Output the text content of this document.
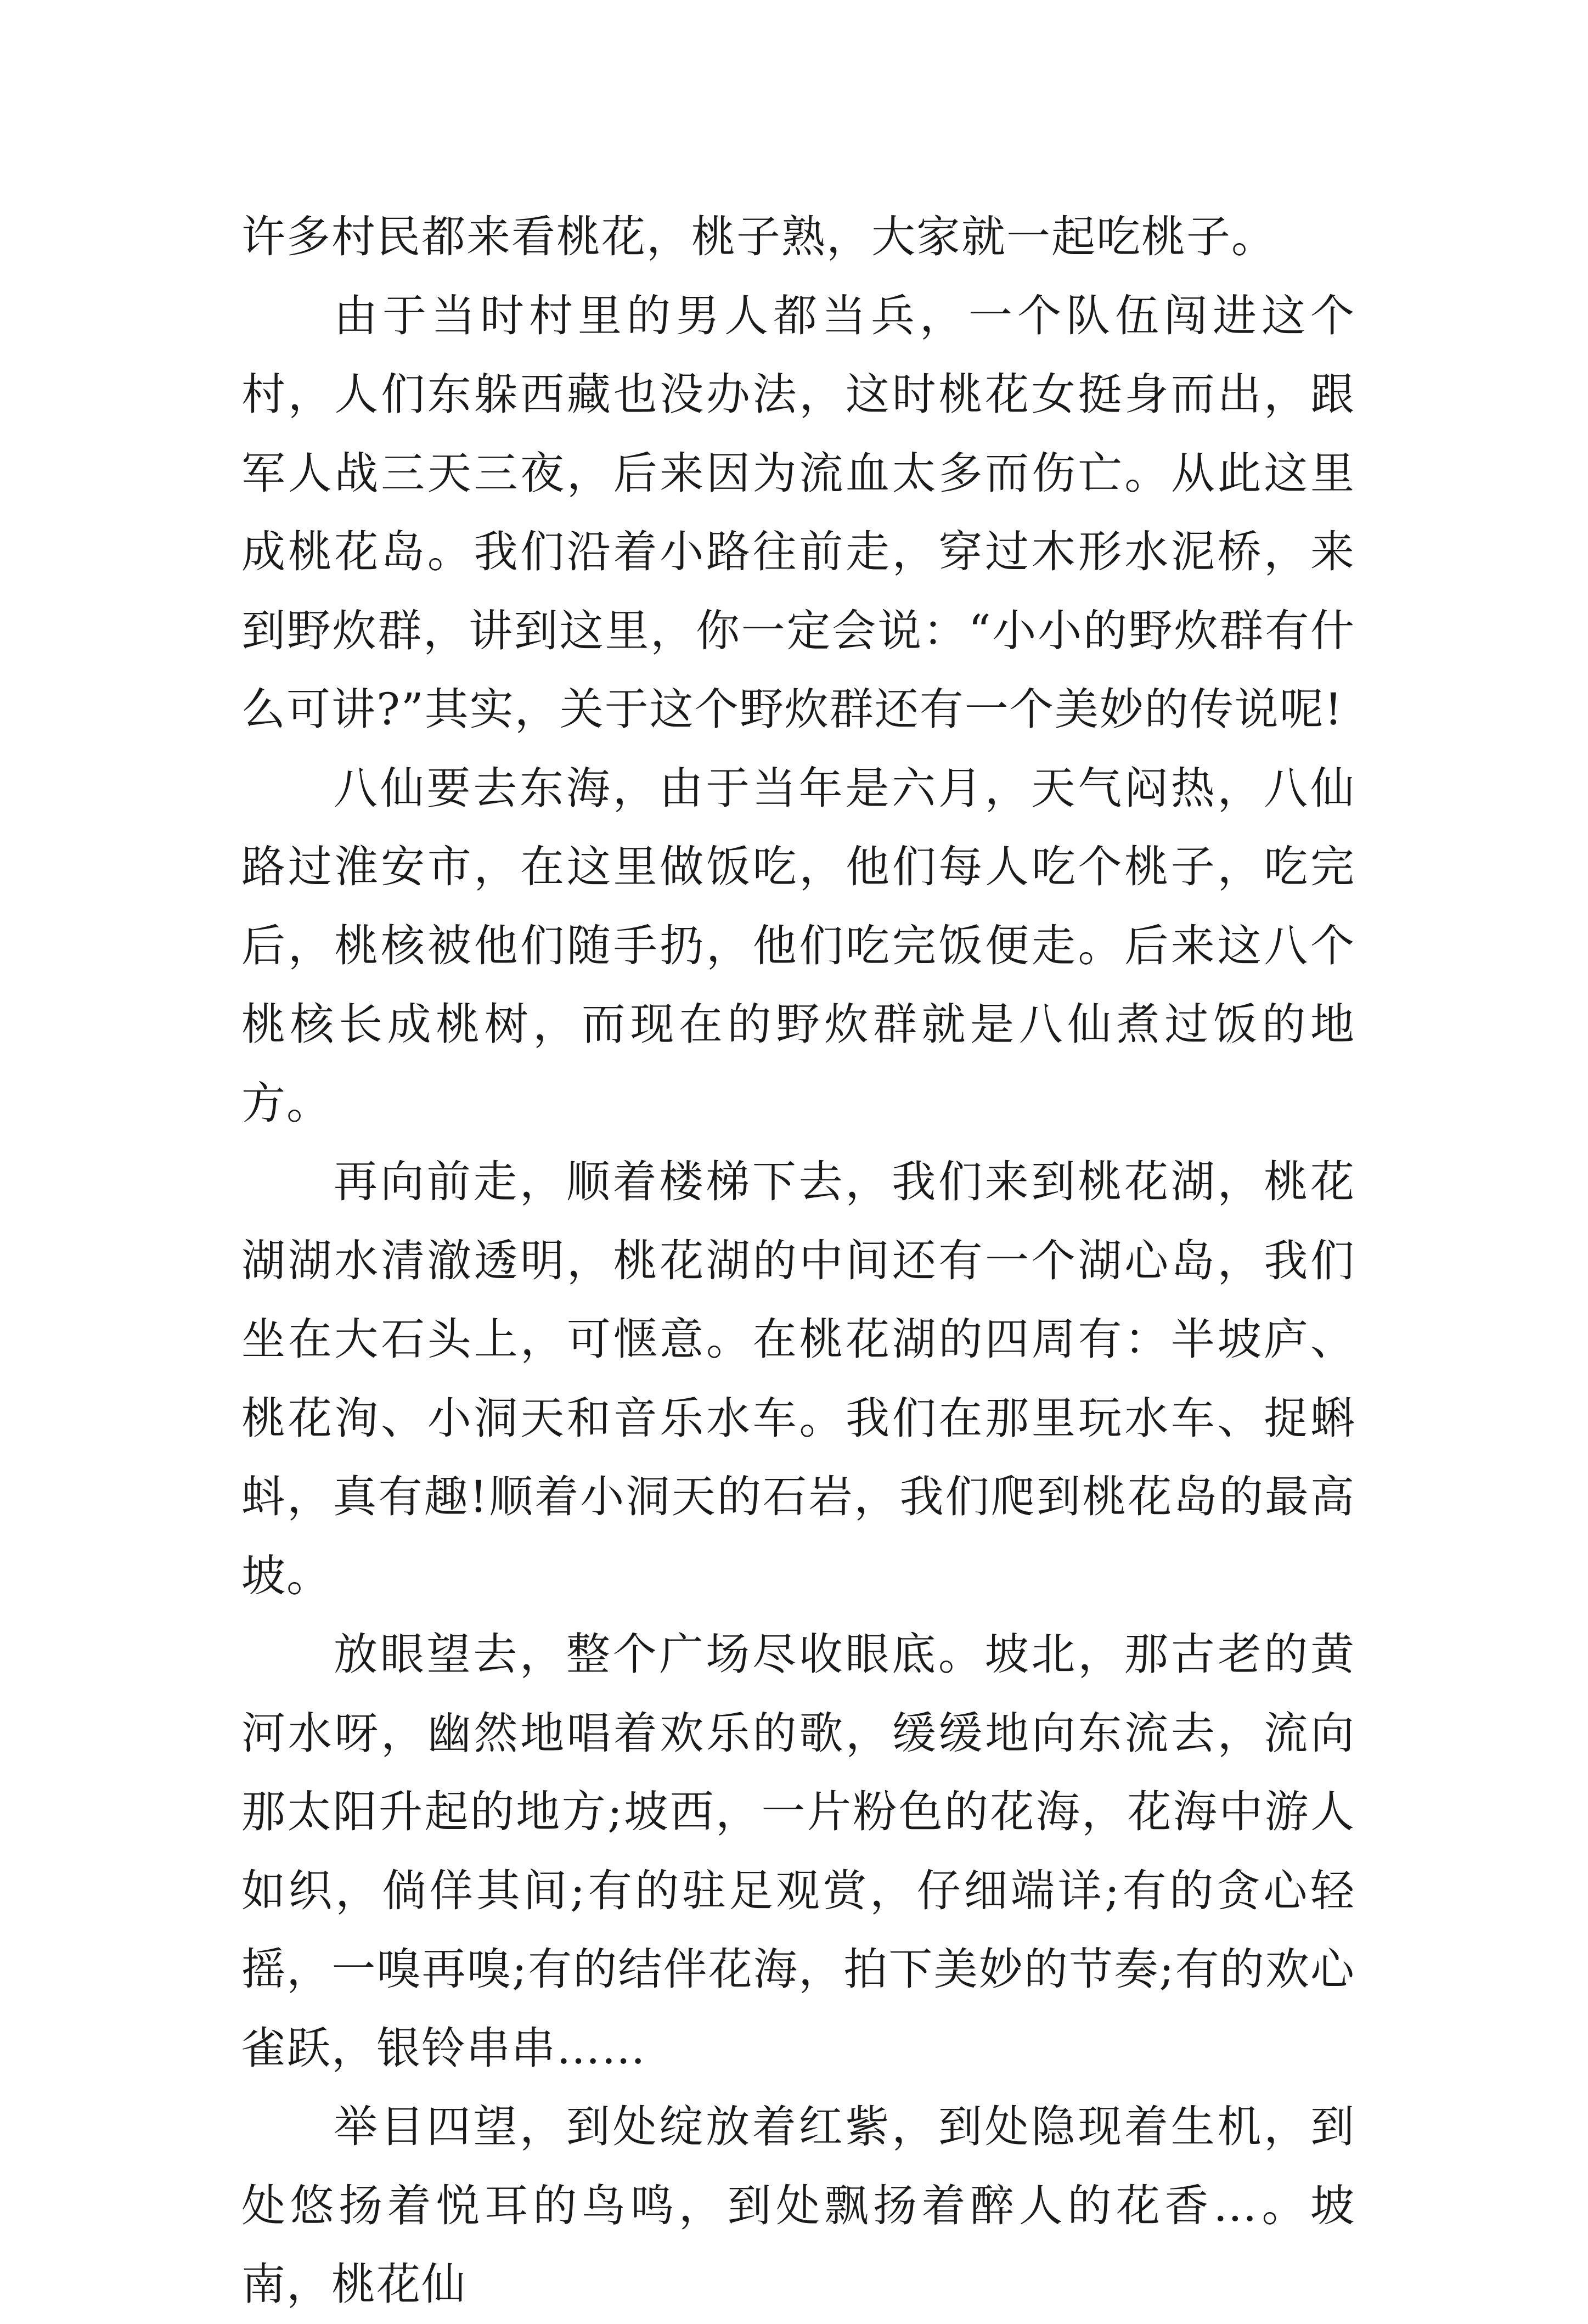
许多村民都来看桃花，桃子熟，大家就一起吃桃子。

由于当时村里的男人都当兵，一个队伍闯进这个村，人们东躲西藏也没办法，这时桃花女挺身而出，跟军人战三天三夜，后来因为流血太多而伤亡。从此这里成桃花岛。我们沿着小路往前走，穿过木形水泥桥，来到野炊群，讲到这里，你一定会说：“小小的野炊群有什么可讲?”其实，关于这个野炊群还有一个美妙的传说呢!

八仙要去东海，由于当年是六月，天气闷热，八仙路过淮安市，在这里做饭吃，他们每人吃个桃子，吃完后，桃核被他们随手扔，他们吃完饭便走。后来这八个桃核长成桃树，而现在的野炊群就是八仙煮过饭的地方。

再向前走，顺着楼梯下去，我们来到桃花湖，桃花湖湖水清澈透明，桃花湖的中间还有一个湖心岛，我们坐在大石头上，可惬意。在桃花湖的四周有：半坡庐、桃花洵、小洞天和音乐水车。我们在那里玩水车、捉蝌蚪，真有趣!顺着小洞天的石岩，我们爬到桃花岛的最高坡。

放眼望去，整个广场尽收眼底。坡北，那古老的黄河水呀，幽然地唱着欢乐的歌，缓缓地向东流去，流向那太阳升起的地方;坡西，一片粉色的花海，花海中游人如织，倘佯其间;有的驻足观赏，仔细端详;有的贪心轻摇，一嗅再嗅;有的结伴花海，拍下美妙的节奏;有的欢心雀跃，银铃串串……

举目四望，到处绽放着红紫，到处隐现着生机，到处悠扬着悦耳的鸟鸣，到处飘扬着醉人的花香…。坡南，桃花仙
